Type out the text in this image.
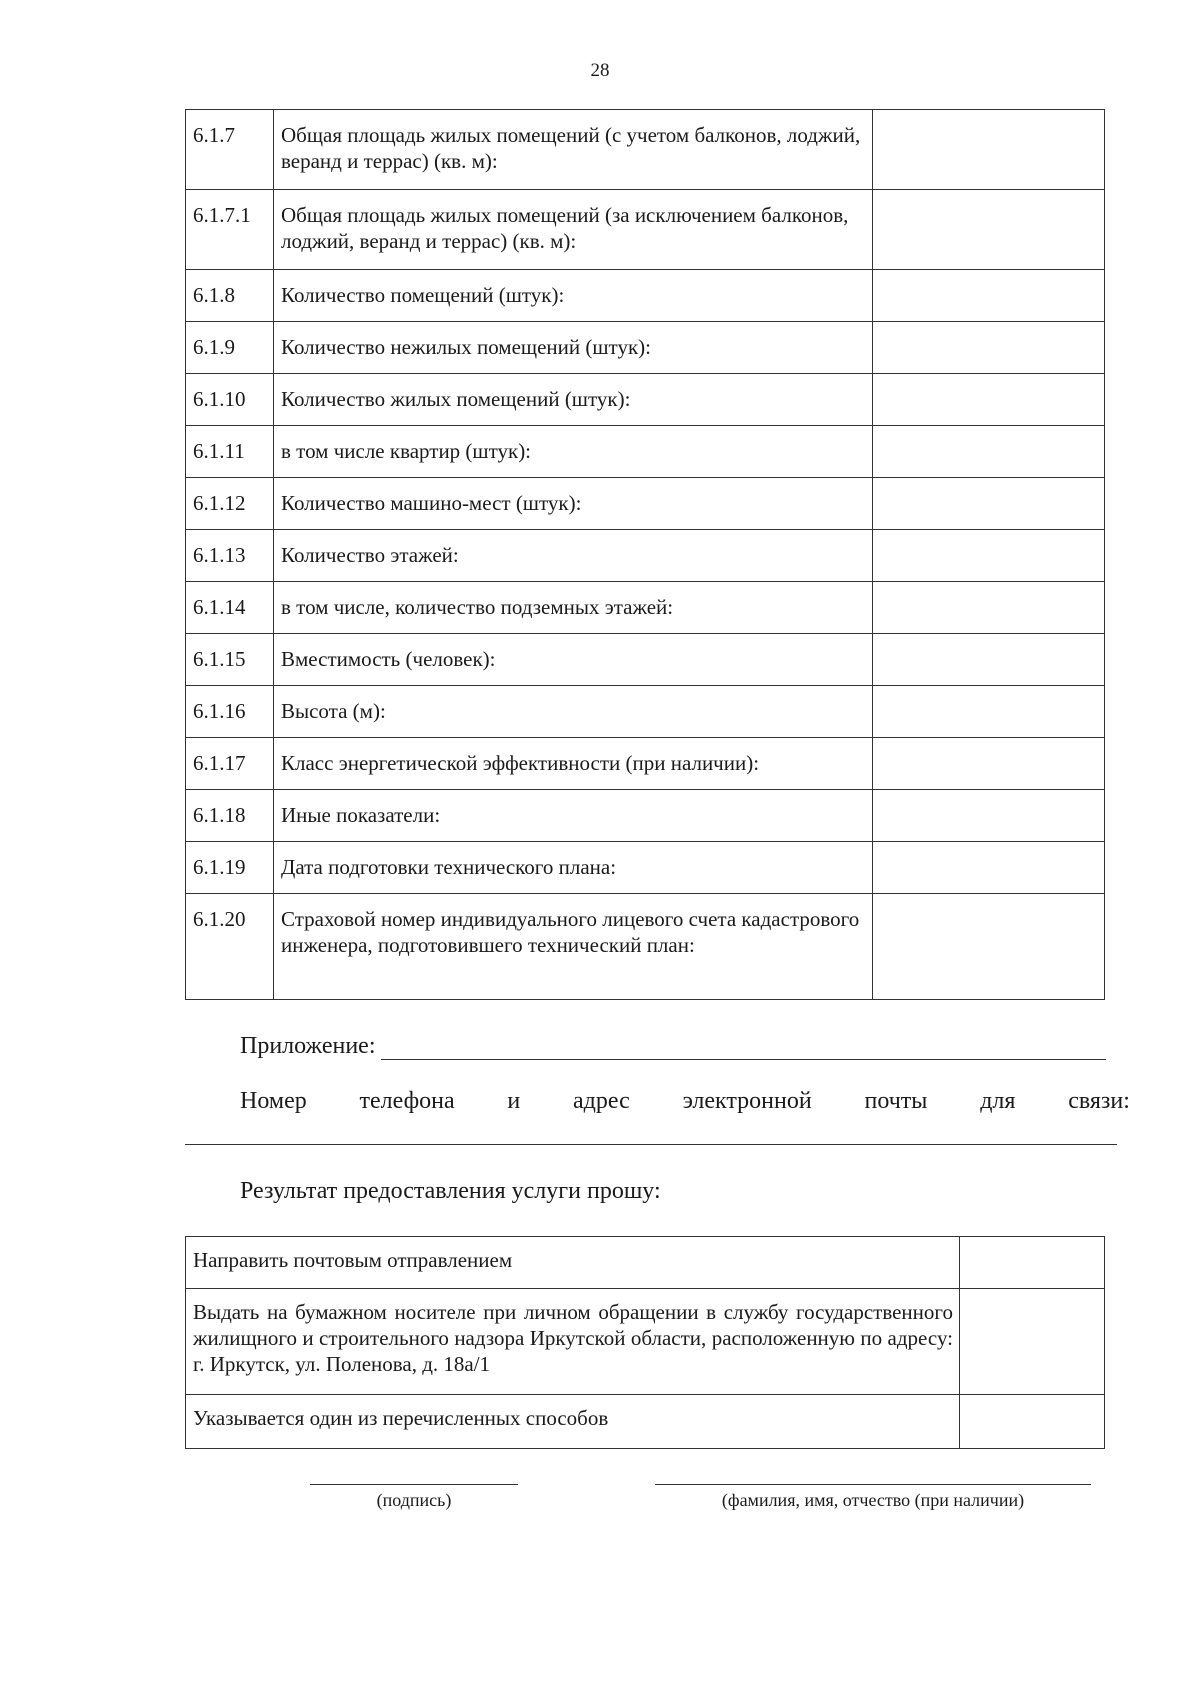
28
6.1.7	Общая площадь жилых помещений (с учетом балконов, лоджий, веранд и террас) (кв. м):	
6.1.7.1	Общая площадь жилых помещений (за исключением балконов, лоджий, веранд и террас) (кв. м):	
6.1.8	Количество помещений (штук):	
6.1.9	Количество нежилых помещений (штук):	
6.1.10	Количество жилых помещений (штук):	
6.1.11	в том числе квартир (штук):	
6.1.12	Количество машино-мест (штук):	
6.1.13	Количество этажей:	
6.1.14	в том числе, количество подземных этажей:	
6.1.15	Вместимость (человек):	
6.1.16	Высота (м):	
6.1.17	Класс энергетической эффективности (при наличии):	
6.1.18	Иные показатели:	
6.1.19	Дата подготовки технического плана:	
6.1.20	Страховой номер индивидуального лицевого счета кадастрового инженера, подготовившего технический план:	
Приложение:
Номер телефона и адрес электронной почты для связи:
Результат предоставления услуги прошу:
Направить почтовым отправлением	
Выдать на бумажном носителе при личном обращении в службу государственного жилищного и строительного надзора Иркутской области, расположенную по адресу: г. Иркутск, ул. Поленова, д. 18а/1	
Указывается один из перечисленных способов	
(подпись)	(фамилия, имя, отчество (при наличии)
